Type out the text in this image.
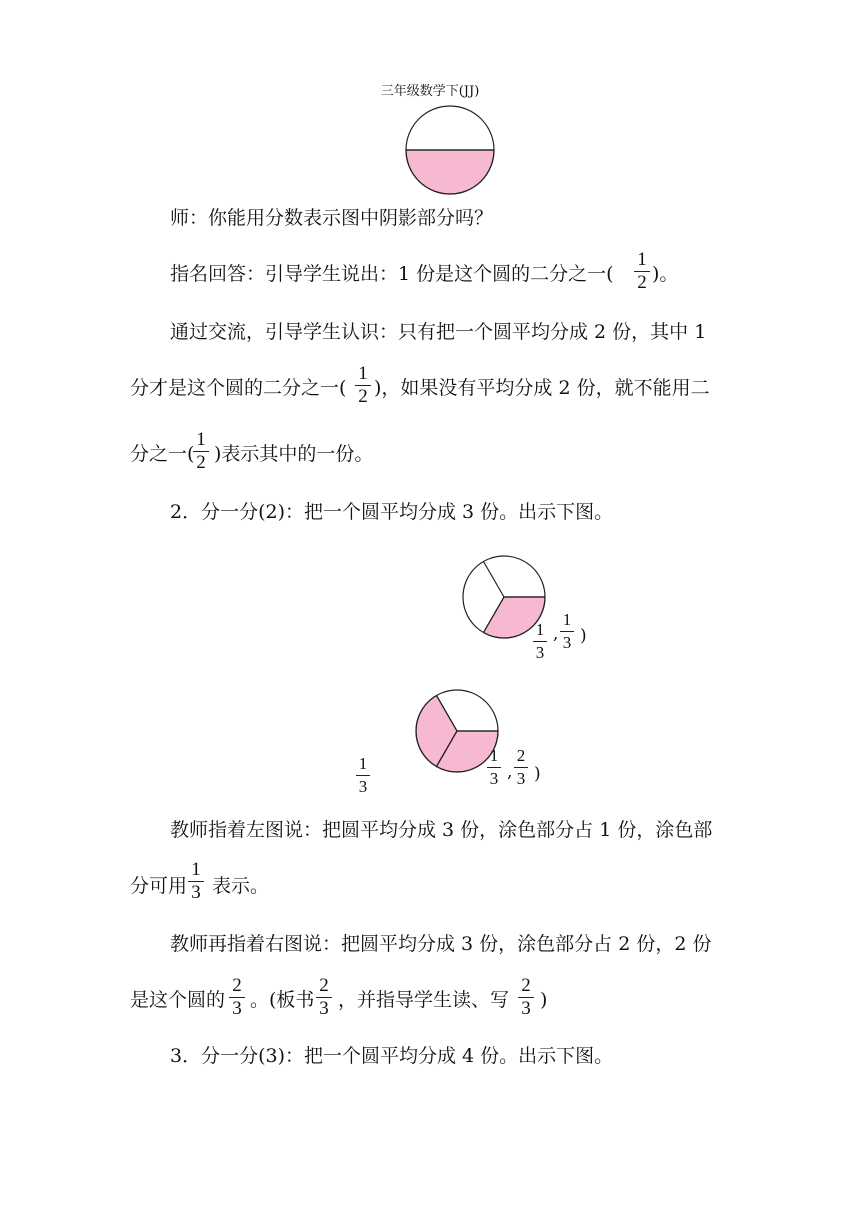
三年级数学下(JJ)
师：你能用分数表示图中阴影部分吗？
指名回答：引导学生说出：1 份是这个圆的二分之一(
1
2 )。
通过交流，引导学生认识：只有把一个圆平均分成 2 份，其中 1
分才是这个圆的二分之一(
1
2 )，如果没有平均分成 2 份，就不能用二
分之一(
1
2 )表示其中的一份。
2．分一分(2)：把一个圆平均分成 3 份。出示下图。
1
3
,
1
3 )
1
3
1
3 ,
2
3 )
教师指着左图说：把圆平均分成 3 份，涂色部分占 1 份，涂色部
分可用
1
3 表示。
教师再指着右图说：把圆平均分成 3 份，涂色部分占 2 份，2 份
是这个圆的
2
3 。(板书
2
3 ，并指导学生读、写
2
3 )
3．分一分(3)：把一个圆平均分成 4 份。出示下图。
